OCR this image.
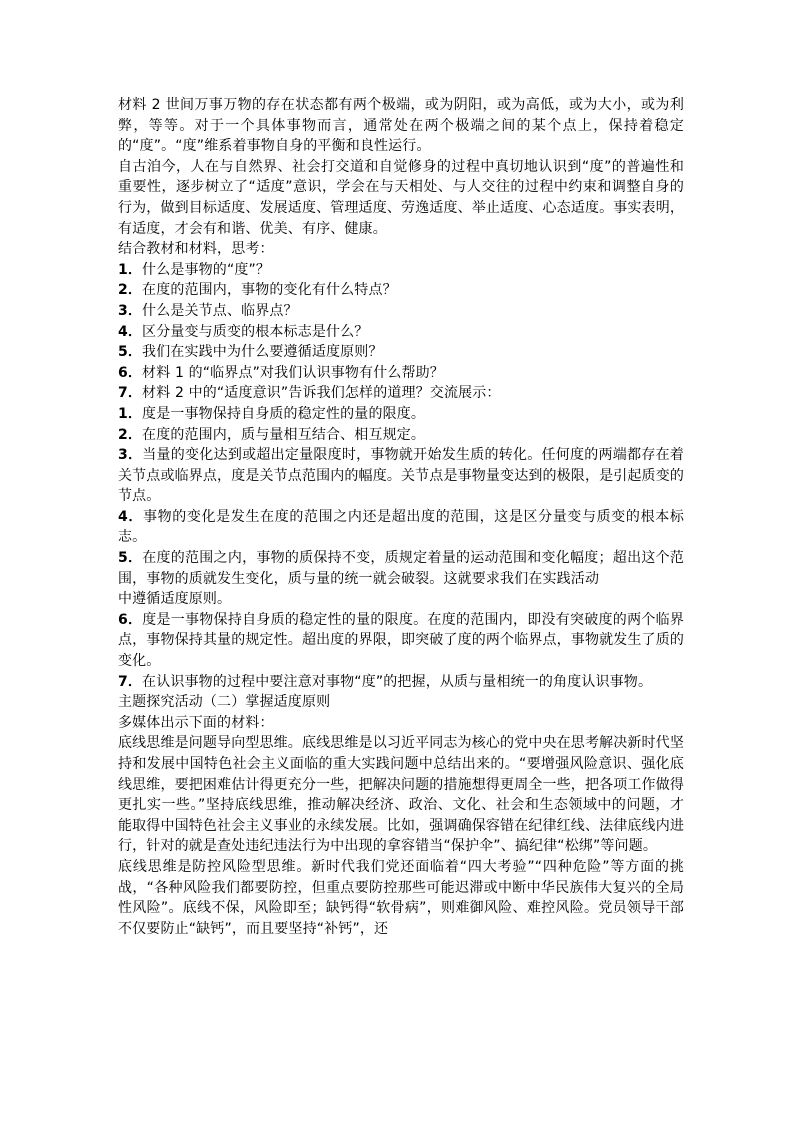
材料 2 世间万事万物的存在状态都有两个极端，或为阴阳，或为高低，或为大小，或为利弊，等等。对于一个具体事物而言，通常处在两个极端之间的某个点上，保持着稳定的“度”。“度”维系着事物自身的平衡和良性运行。

自古洎今，人在与自然界、社会打交道和自觉修身的过程中真切地认识到“度”的普遍性和重要性，逐步树立了“适度”意识，学会在与天相处、与人交往的过程中约束和调整自身的行为，做到目标适度、发展适度、管理适度、劳逸适度、举止适度、心态适度。事实表明，有适度，才会有和谐、优美、有序、健康。

结合教材和材料，思考：

1．什么是事物的“度”？

2．在度的范围内，事物的变化有什么特点？

3．什么是关节点、临界点？

4．区分量变与质变的根本标志是什么？

5．我们在实践中为什么要遵循适度原则？

6．材料 1 的“临界点”对我们认识事物有什么帮助？

7．材料 2 中的“适度意识”告诉我们怎样的道理？交流展示：

1．度是一事物保持自身质的稳定性的量的限度。

2．在度的范围内，质与量相互结合、相互规定。

3．当量的变化达到或超出定量限度时，事物就开始发生质的转化。任何度的两端都存在着关节点或临界点，度是关节点范围内的幅度。关节点是事物量变达到的极限，是引起质变的节点。

4．事物的变化是发生在度的范围之内还是超出度的范围，这是区分量变与质变的根本标志。

5．在度的范围之内，事物的质保持不变，质规定着量的运动范围和变化幅度；超出这个范围，事物的质就发生变化，质与量的统一就会破裂。这就要求我们在实践活动

中遵循适度原则。

6．度是一事物保持自身质的稳定性的量的限度。在度的范围内，即没有突破度的两个临界点，事物保持其量的规定性。超出度的界限，即突破了度的两个临界点，事物就发生了质的变化。

7．在认识事物的过程中要注意对事物“度”的把握，从质与量相统一的角度认识事物。

主题探究活动（二）掌握适度原则

多媒体出示下面的材料：

底线思维是问题导向型思维。底线思维是以习近平同志为核心的党中央在思考解决新时代坚持和发展中国特色社会主义面临的重大实践问题中总结出来的。“要增强风险意识、强化底线思维，要把困难估计得更充分一些，把解决问题的措施想得更周全一些，把各项工作做得更扎实一些。”坚持底线思维，推动解决经济、政治、文化、社会和生态领域中的问题，才能取得中国特色社会主义事业的永续发展。比如，强调确保容错在纪律红线、法律底线内进行，针对的就是查处违纪违法行为中出现的拿容错当“保护伞”、搞纪律“松绑”等问题。

底线思维是防控风险型思维。新时代我们党还面临着“四大考验”“四种危险”等方面的挑战，“各种风险我们都要防控，但重点要防控那些可能迟滞或中断中华民族伟大复兴的全局性风险”。底线不保，风险即至；缺钙得“软骨病”，则难御风险、难控风险。党员领导干部不仅要防止“缺钙”，而且要坚持“补钙”，还
